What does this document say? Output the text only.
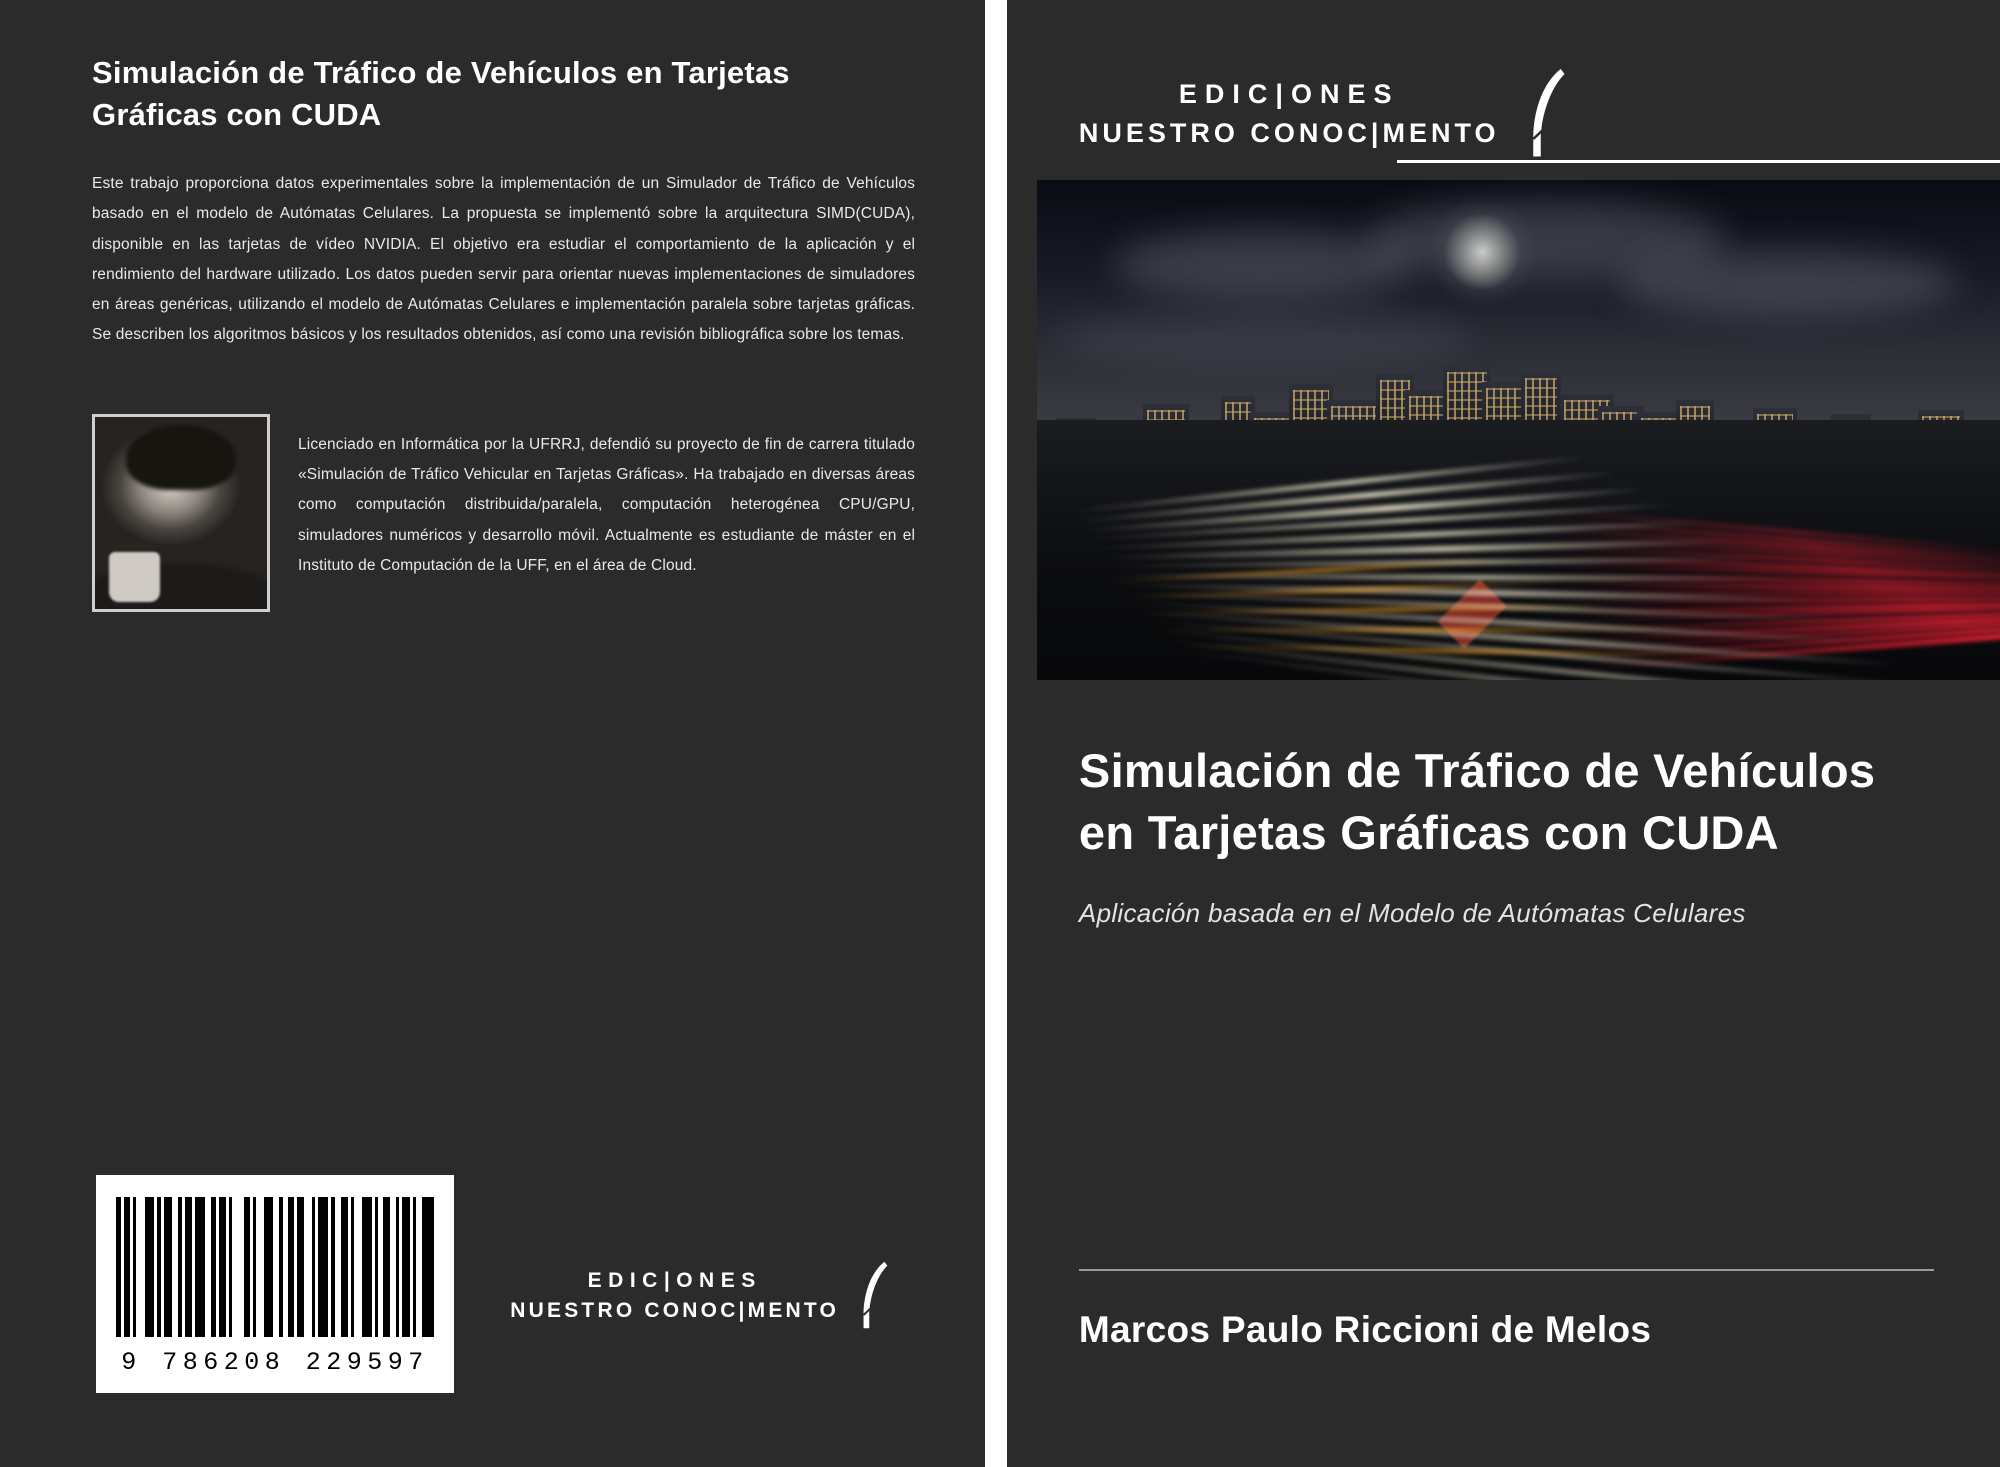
Simulación de Tráfico de Vehículos en Tarjetas Gráficas con CUDA

Este trabajo proporciona datos experimentales sobre la implementación de un Simulador de Tráfico de Vehículos basado en el modelo de Autómatas Celulares. La propuesta se implementó sobre la arquitectura SIMD(CUDA), disponible en las tarjetas de vídeo NVIDIA. El objetivo era estudiar el comportamiento de la aplicación y el rendimiento del hardware utilizado. Los datos pueden servir para orientar nuevas implementaciones de simuladores en áreas genéricas, utilizando el modelo de Autómatas Celulares e implementación paralela sobre tarjetas gráficas. Se describen los algoritmos básicos y los resultados obtenidos, así como una revisión bibliográfica sobre los temas.

Licenciado en Informática por la UFRRJ, defendió su proyecto de fin de carrera titulado «Simulación de Tráfico Vehicular en Tarjetas Gráficas». Ha trabajado en diversas áreas como computación distribuida/paralela, computación heterogénea CPU/GPU, simuladores numéricos y desarrollo móvil. Actualmente es estudiante de máster en el Instituto de Computación de la UFF, en el área de Cloud.

9 786208 229597
EDIC|ONES
NUESTRO CONOC|MENTO
EDIC|ONES
NUESTRO CONOC|MENTO
Simulación de Tráfico de Vehículos en Tarjetas Gráficas con CUDA

Aplicación basada en el Modelo de Autómatas Celulares

Marcos Paulo Riccioni de Melos
